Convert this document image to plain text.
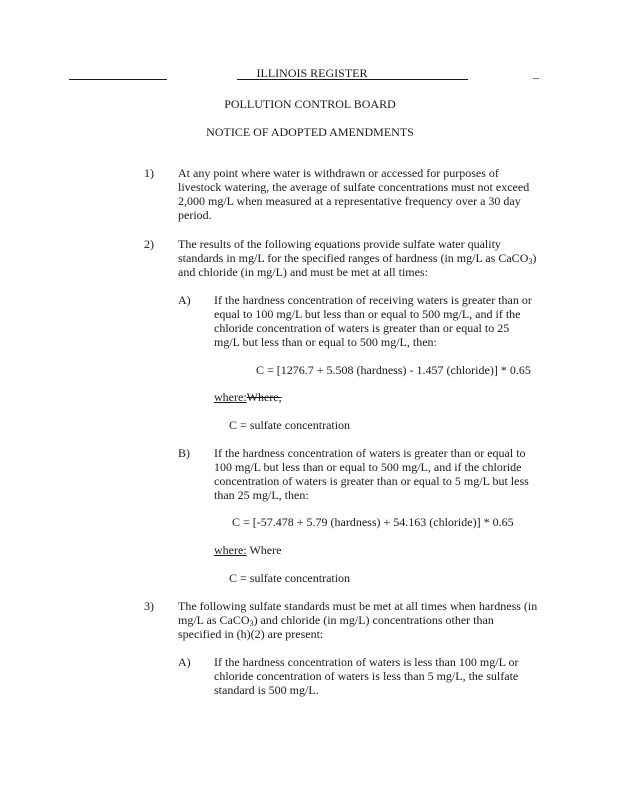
ILLINOIS REGISTER	_
POLLUTION CONTROL BOARD
NOTICE OF ADOPTED AMENDMENTS
1) At any point where water is withdrawn or accessed for purposes of
livestock watering, the average of sulfate concentrations must not exceed
2,000 mg/L when measured at a representative frequency over a 30 day
period.
2) The results of the following equations provide sulfate water quality
standards in mg/L for the specified ranges of hardness (in mg/L as CaCO$_3$)
and chloride (in mg/L) and must be met at all times:
A) If the hardness concentration of receiving waters is greater than or
equal to 100 mg/L but less than or equal to 500 mg/L, and if the
chloride concentration of waters is greater than or equal to 25
mg/L but less than or equal to 500 mg/L, then:
C = [1276.7 + 5.508 (hardness) - 1.457 (chloride)] * 0.65
where:Where,
C = sulfate concentration
B) If the hardness concentration of waters is greater than or equal to
100 mg/L but less than or equal to 500 mg/L, and if the chloride
concentration of waters is greater than or equal to 5 mg/L but less
than 25 mg/L, then:
C = [-57.478 + 5.79 (hardness) + 54.163 (chloride)] * 0.65
where: Where
C = sulfate concentration
3) The following sulfate standards must be met at all times when hardness (in
mg/L as CaCO$_3$) and chloride (in mg/L) concentrations other than
specified in (h)(2) are present:
A) If the hardness concentration of waters is less than 100 mg/L or
chloride concentration of waters is less than 5 mg/L, the sulfate
standard is 500 mg/L.
